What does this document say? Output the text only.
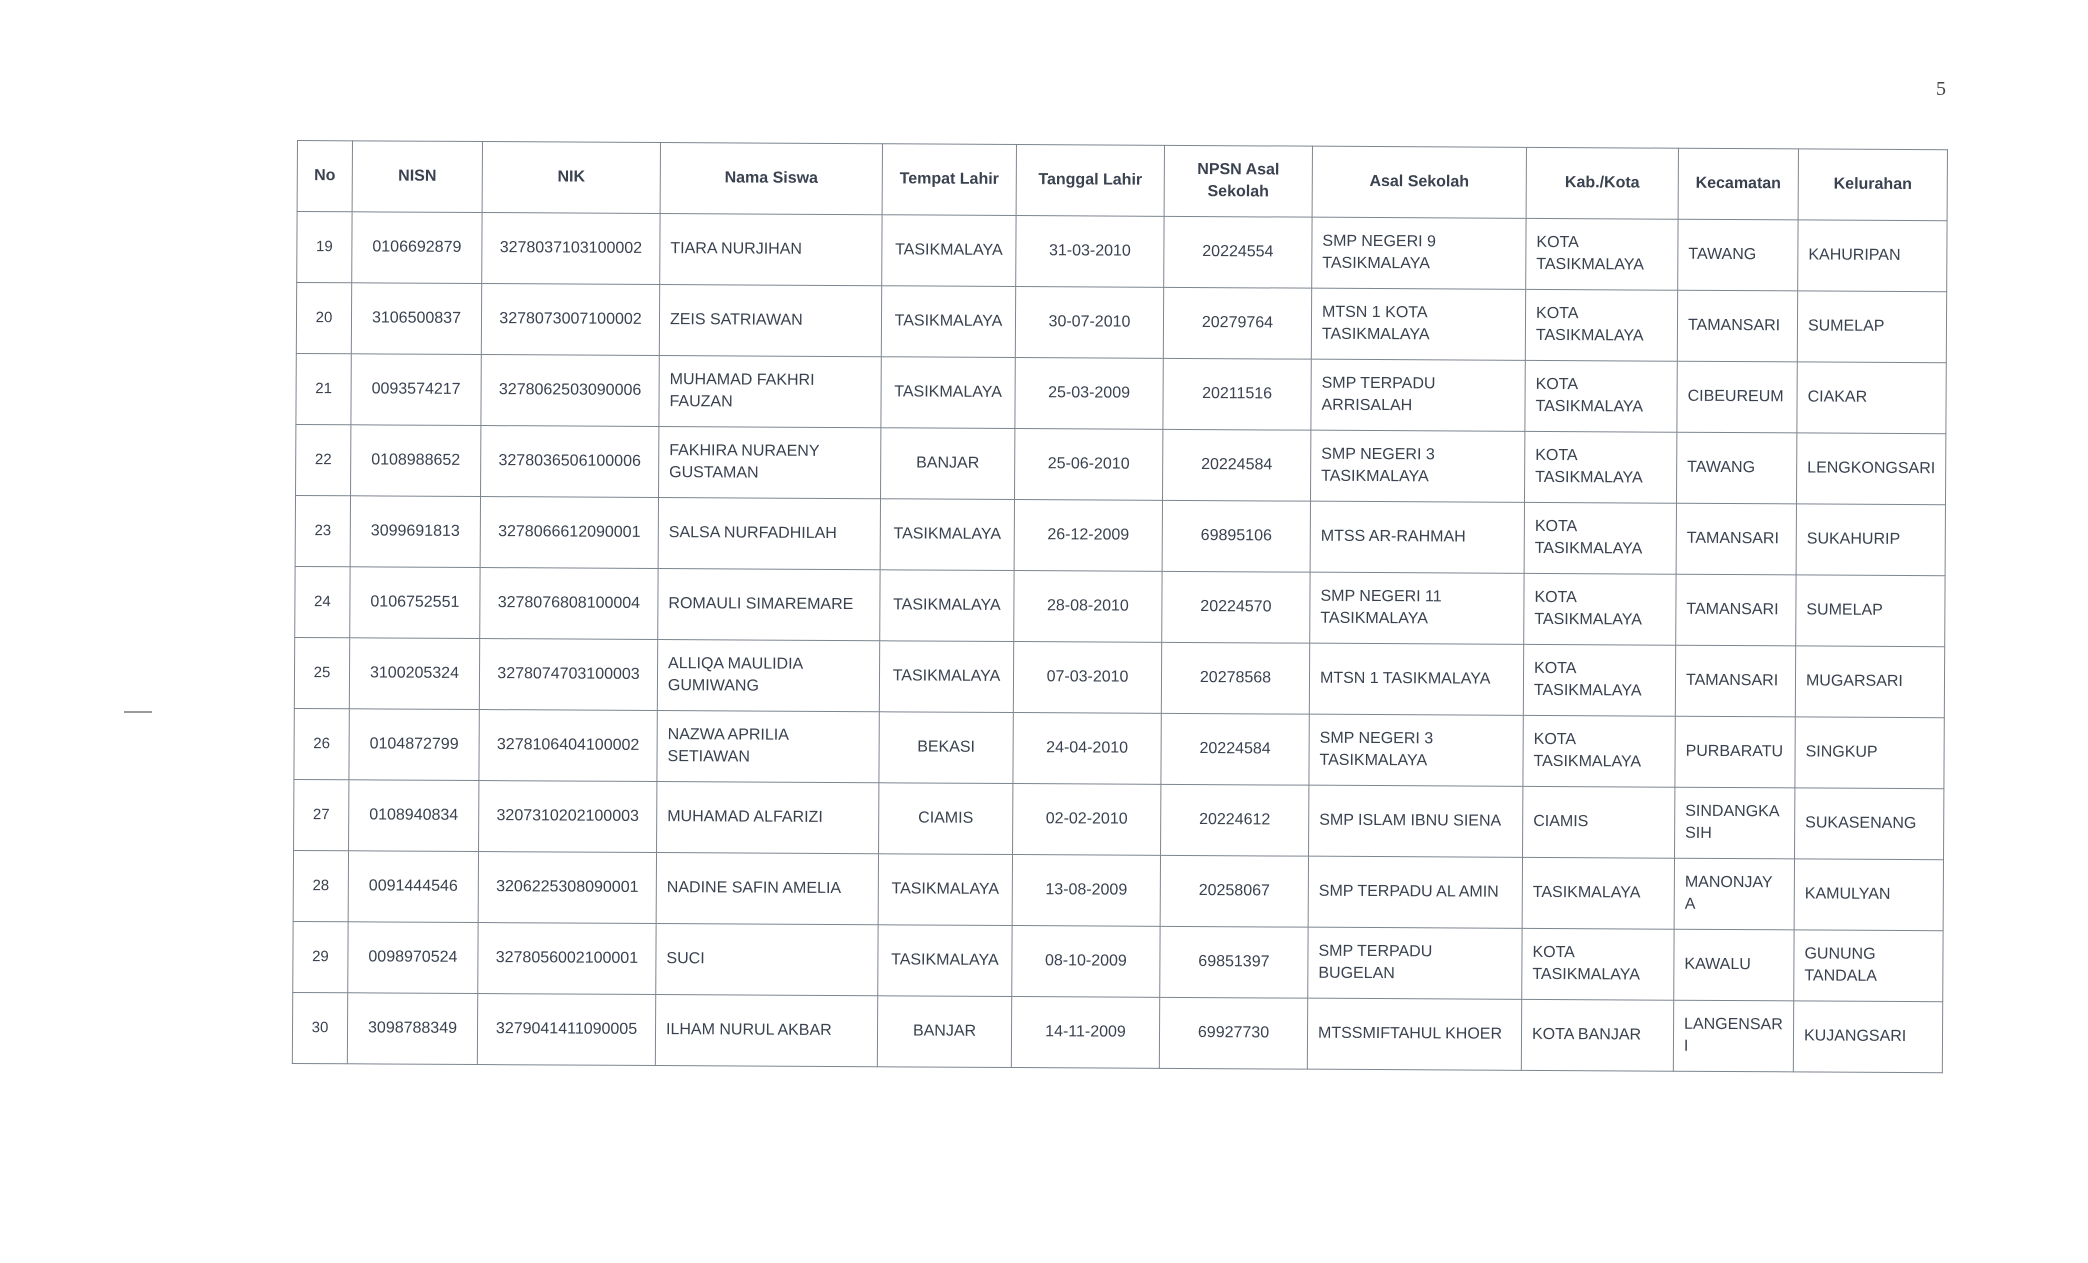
5
No	NISN	NIK	Nama Siswa	Tempat Lahir	Tanggal Lahir	NPSN Asal Sekolah	Asal Sekolah	Kab./Kota	Kecamatan	Kelurahan
19	0106692879	3278037103100002	TIARA NURJIHAN	TASIKMALAYA	31-03-2010	20224554	SMP NEGERI 9 TASIKMALAYA	KOTA TASIKMALAYA	TAWANG	KAHURIPAN
20	3106500837	3278073007100002	ZEIS SATRIAWAN	TASIKMALAYA	30-07-2010	20279764	MTSN 1 KOTA TASIKMALAYA	KOTA TASIKMALAYA	TAMANSARI	SUMELAP
21	0093574217	3278062503090006	MUHAMAD FAKHRI FAUZAN	TASIKMALAYA	25-03-2009	20211516	SMP TERPADU ARRISALAH	KOTA TASIKMALAYA	CIBEUREUM	CIAKAR
22	0108988652	3278036506100006	FAKHIRA NURAENY GUSTAMAN	BANJAR	25-06-2010	20224584	SMP NEGERI 3 TASIKMALAYA	KOTA TASIKMALAYA	TAWANG	LENGKONGSARI
23	3099691813	3278066612090001	SALSA NURFADHILAH	TASIKMALAYA	26-12-2009	69895106	MTSS AR-RAHMAH	KOTA TASIKMALAYA	TAMANSARI	SUKAHURIP
24	0106752551	3278076808100004	ROMAULI SIMAREMARE	TASIKMALAYA	28-08-2010	20224570	SMP NEGERI 11 TASIKMALAYA	KOTA TASIKMALAYA	TAMANSARI	SUMELAP
25	3100205324	3278074703100003	ALLIQA MAULIDIA GUMIWANG	TASIKMALAYA	07-03-2010	20278568	MTSN 1 TASIKMALAYA	KOTA TASIKMALAYA	TAMANSARI	MUGARSARI
26	0104872799	3278106404100002	NAZWA APRILIA SETIAWAN	BEKASI	24-04-2010	20224584	SMP NEGERI 3 TASIKMALAYA	KOTA TASIKMALAYA	PURBARATU	SINGKUP
27	0108940834	3207310202100003	MUHAMAD ALFARIZI	CIAMIS	02-02-2010	20224612	SMP ISLAM IBNU SIENA	CIAMIS	SINDANGKA SIH	SUKASENANG
28	0091444546	3206225308090001	NADINE SAFIN AMELIA	TASIKMALAYA	13-08-2009	20258067	SMP TERPADU AL AMIN	TASIKMALAYA	MANONJAY A	KAMULYAN
29	0098970524	3278056002100001	SUCI	TASIKMALAYA	08-10-2009	69851397	SMP TERPADU BUGELAN	KOTA TASIKMALAYA	KAWALU	GUNUNG TANDALA
30	3098788349	3279041411090005	ILHAM NURUL AKBAR	BANJAR	14-11-2009	69927730	MTSSMIFTAHUL KHOER	KOTA BANJAR	LANGENSAR I	KUJANGSARI
